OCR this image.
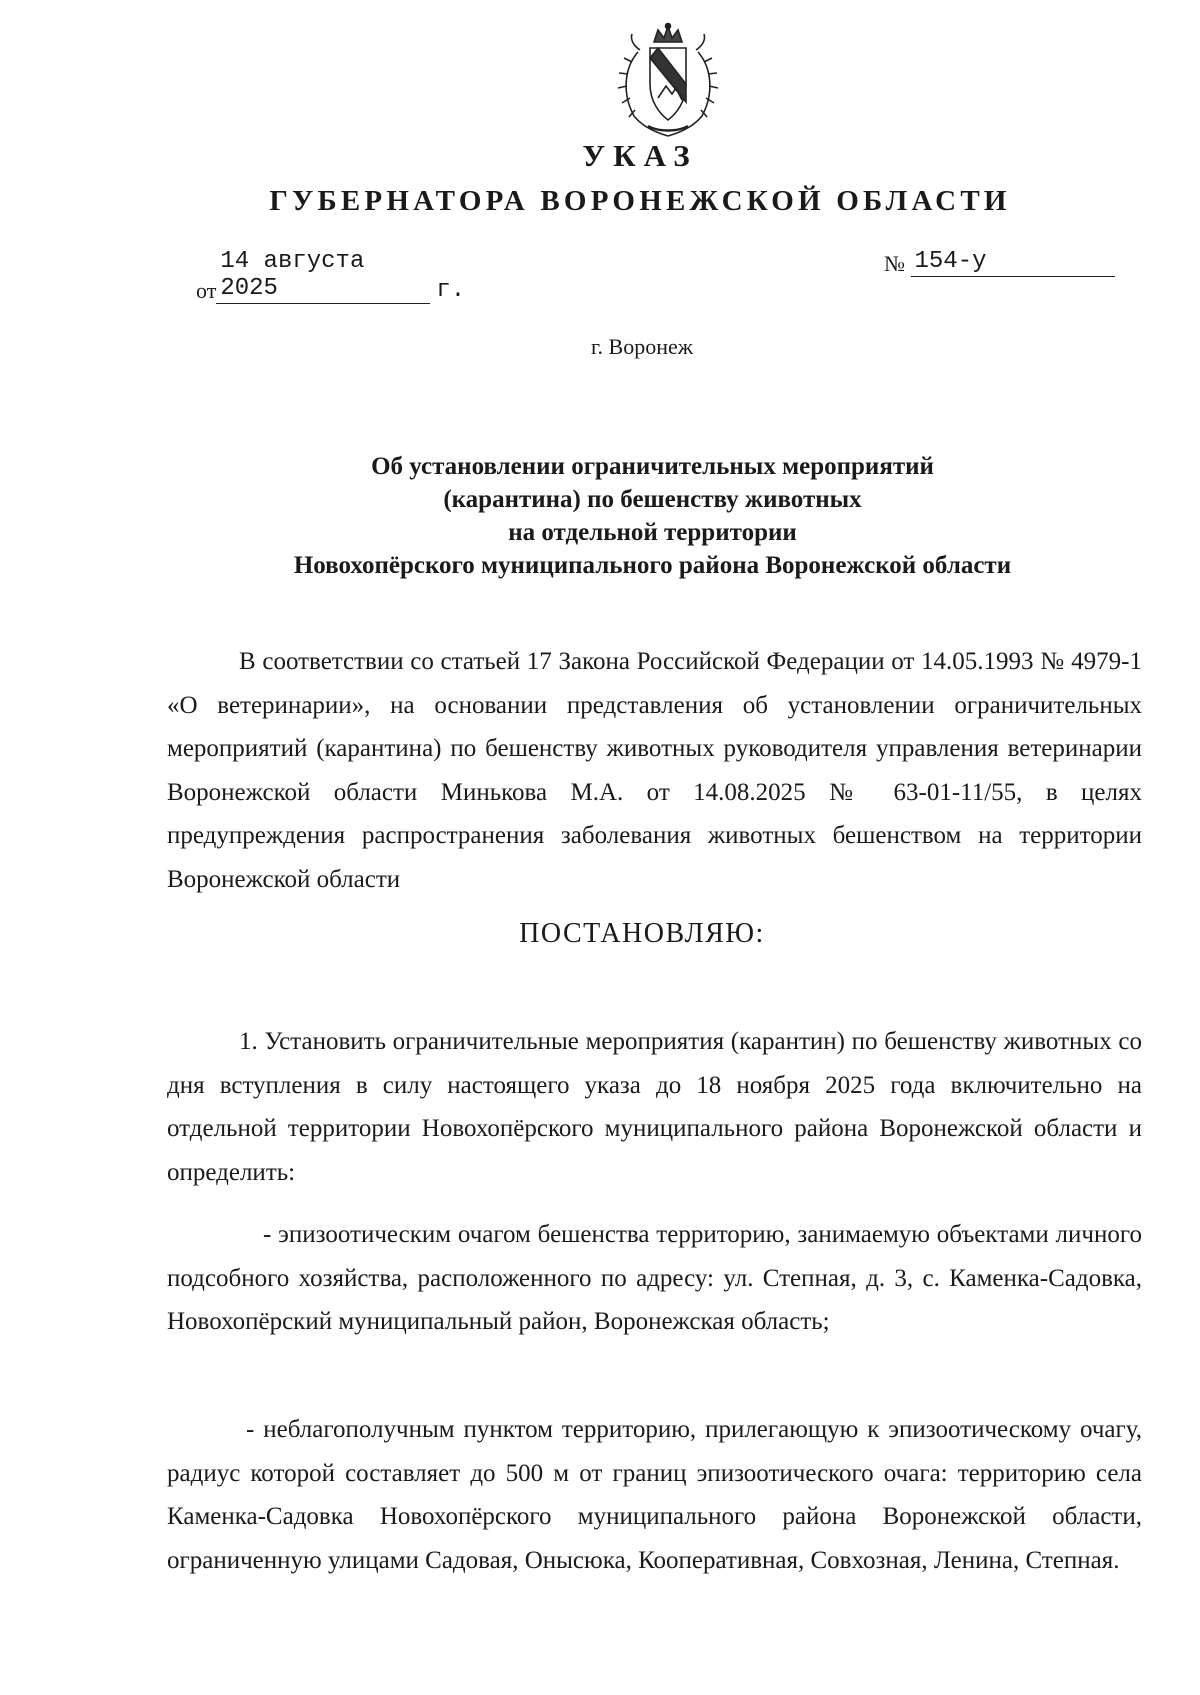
УКАЗ
ГУБЕРНАТОРА ВОРОНЕЖСКОЙ ОБЛАСТИ
от14 августа 2025	г.
№ 154-у
г. Воронеж
Об установлении ограничительных мероприятий
(карантина) по бешенству животных
на отдельной территории
Новохопёрского муниципального района Воронежской области
В соответствии со статьей 17 Закона Российской Федерации от 14.05.1993 № 4979-1 «О ветеринарии», на основании представления об установлении ограничительных мероприятий (карантина) по бешенству животных руководителя управления ветеринарии Воронежской области Минькова М.А. от 14.08.2025 № 63-01-11/55, в целях предупреждения распространения заболевания животных бешенством на территории Воронежской области
ПОСТАНОВЛЯЮ:
1. Установить ограничительные мероприятия (карантин) по бешенству животных со дня вступления в силу настоящего указа до 18 ноября 2025 года включительно на отдельной территории Новохопёрского муниципального района Воронежской области и определить:
- эпизоотическим очагом бешенства территорию, занимаемую объектами личного подсобного хозяйства, расположенного по адресу: ул. Степная, д. 3, с. Каменка-Садовка, Новохопёрский муниципальный район, Воронежская область;
- неблагополучным пунктом территорию, прилегающую к эпизоотическому очагу, радиус которой составляет до 500 м от границ эпизоотического очага: территорию села Каменка-Садовка Новохопёрского муниципального района Воронежской области, ограниченную улицами Садовая, Онысюка, Кооперативная, Совхозная, Ленина, Степная.
